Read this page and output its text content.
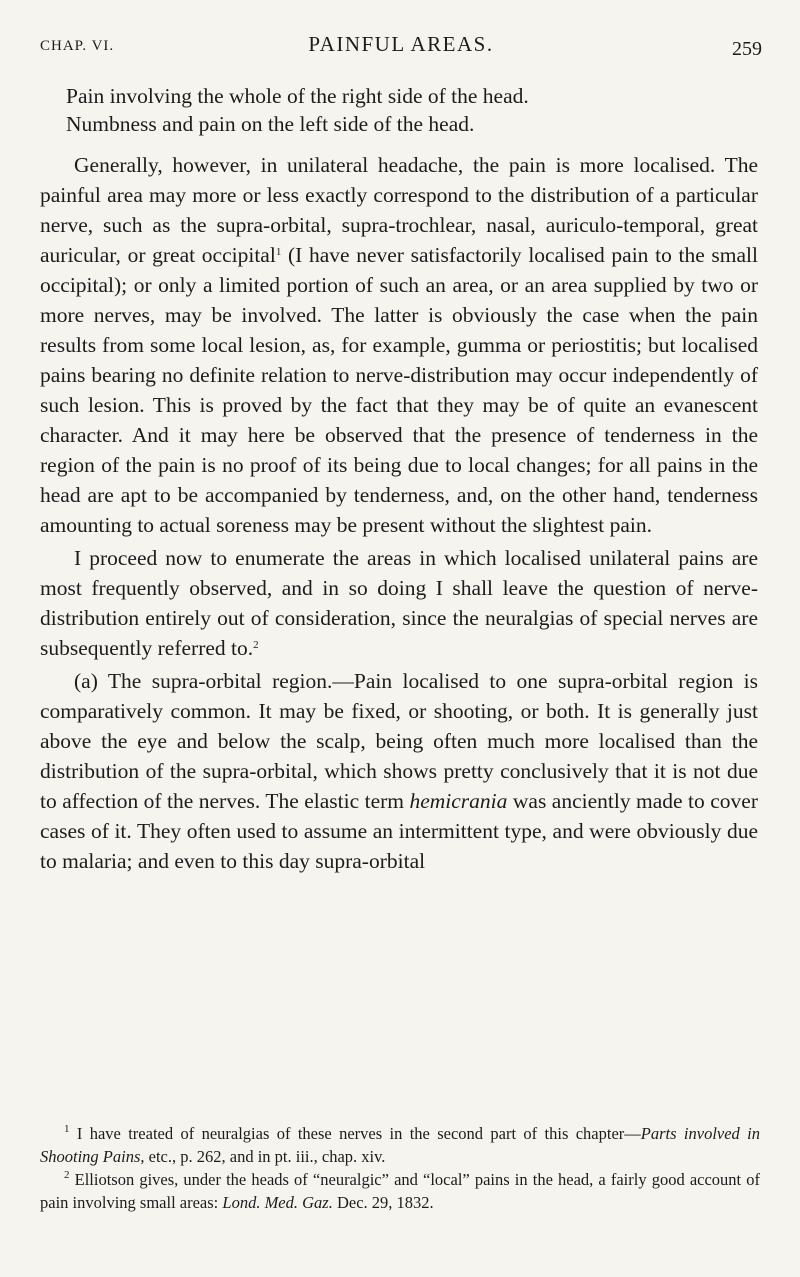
CHAP. VI.	PAINFUL AREAS.	259
Pain involving the whole of the right side of the head.
Numbness and pain on the left side of the head.

Generally, however, in unilateral headache, the pain is more localised. The painful area may more or less exactly correspond to the distribution of a particular nerve, such as the supra-orbital, supra-trochlear, nasal, auriculo-temporal, great auricular, or great occipital$^1$ (I have never satisfactorily localised pain to the small occipital); or only a limited portion of such an area, or an area supplied by two or more nerves, may be involved. The latter is obviously the case when the pain results from some local lesion, as, for example, gumma or periostitis; but localised pains bearing no definite relation to nerve-distribution may occur independently of such lesion. This is proved by the fact that they may be of quite an evanescent character. And it may here be observed that the presence of tenderness in the region of the pain is no proof of its being due to local changes; for all pains in the head are apt to be accompanied by tenderness, and, on the other hand, tenderness amounting to actual soreness may be present without the slightest pain.

I proceed now to enumerate the areas in which localised unilateral pains are most frequently observed, and in so doing I shall leave the question of nerve-distribution entirely out of consideration, since the neuralgias of special nerves are subsequently referred to.$^2$

(a) The supra-orbital region.—Pain localised to one supra-orbital region is comparatively common. It may be fixed, or shooting, or both. It is generally just above the eye and below the scalp, being often much more localised than the distribution of the supra-orbital, which shows pretty conclusively that it is not due to affection of the nerves. The elastic term hemicrania was anciently made to cover cases of it. They often used to assume an intermittent type, and were obviously due to malaria; and even to this day supra-orbital

$^1$ I have treated of neuralgias of these nerves in the second part of this chapter—Parts involved in Shooting Pains, etc., p. 262, and in pt. iii., chap. xiv.

$^2$ Elliotson gives, under the heads of “neuralgic” and “local” pains in the head, a fairly good account of pain involving small areas: Lond. Med. Gaz. Dec. 29, 1832.
